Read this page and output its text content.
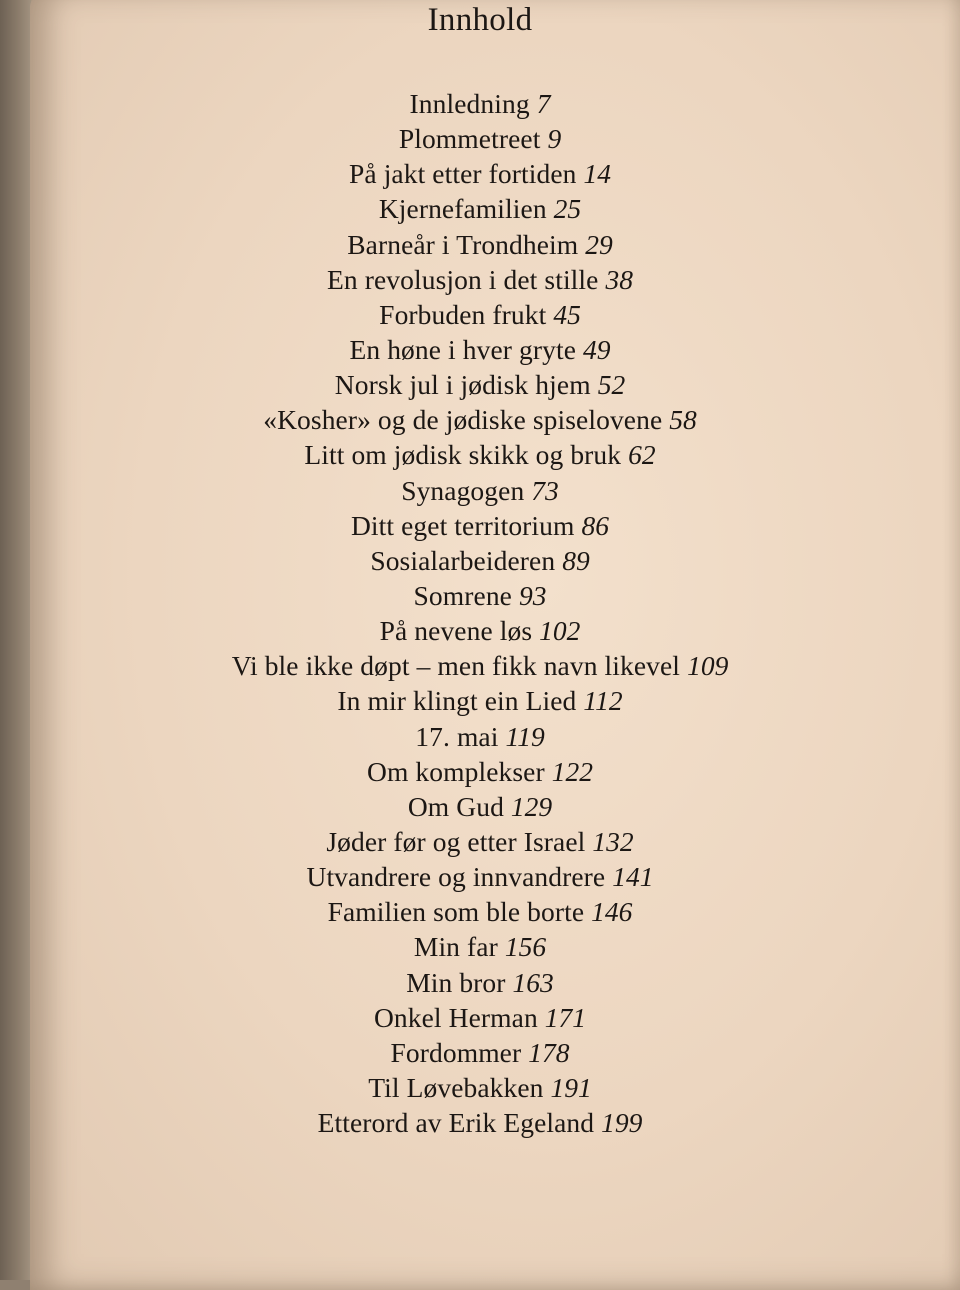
Innhold
Innledning 7
Plommetreet 9
På jakt etter fortiden 14
Kjernefamilien 25
Barneår i Trondheim 29
En revolusjon i det stille 38
Forbuden frukt 45
En høne i hver gryte 49
Norsk jul i jødisk hjem 52
«Kosher» og de jødiske spiselovene 58
Litt om jødisk skikk og bruk 62
Synagogen 73
Ditt eget territorium 86
Sosialarbeideren 89
Somrene 93
På nevene løs 102
Vi ble ikke døpt – men fikk navn likevel 109
In mir klingt ein Lied 112
17. mai 119
Om komplekser 122
Om Gud 129
Jøder før og etter Israel 132
Utvandrere og innvandrere 141
Familien som ble borte 146
Min far 156
Min bror 163
Onkel Herman 171
Fordommer 178
Til Løvebakken 191
Etterord av Erik Egeland 199
